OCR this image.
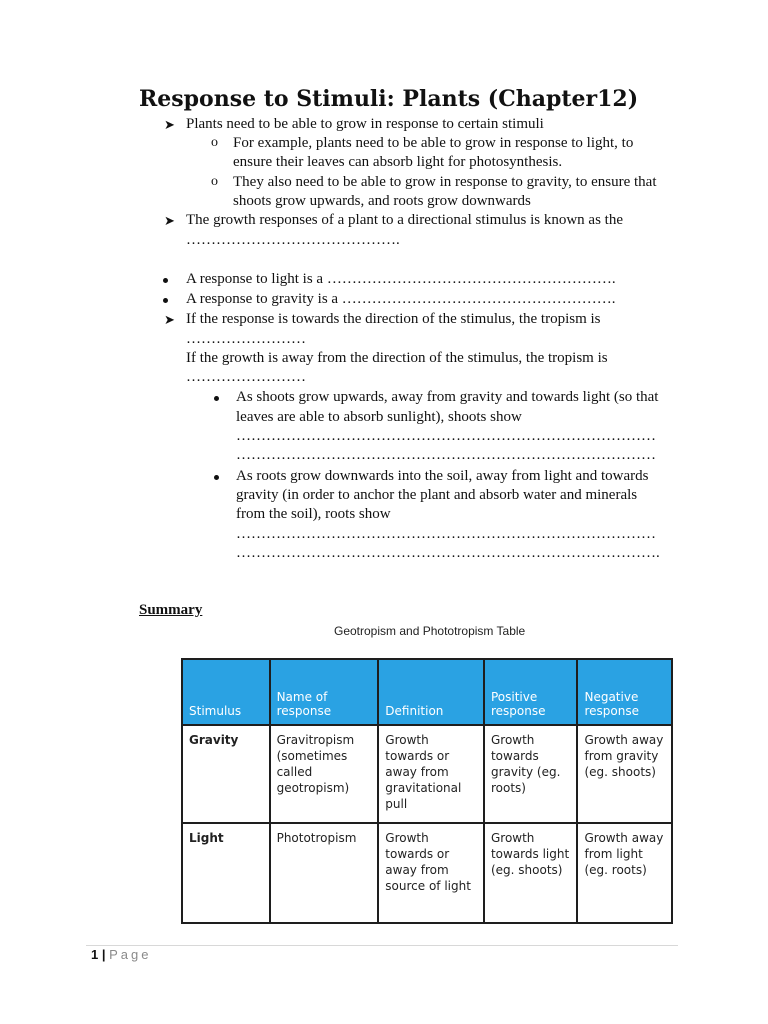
Response to Stimuli: Plants (Chapter12)
➤ Plants need to be able to grow in response to certain stimuli
o For example, plants need to be able to grow in response to light, to
ensure their leaves can absorb light for photosynthesis.
o They also need to be able to grow in response to gravity, to ensure that
shoots grow upwards, and roots grow downwards
➤ The growth responses of a plant to a directional stimulus is known as the
…………………………………….
A response to light is a ………………………………………………….
A response to gravity is a ……………………………………………….
➤ If the response is towards the direction of the stimulus, the tropism is
……………………
If the growth is away from the direction of the stimulus, the tropism is
……………………
As shoots grow upwards, away from gravity and towards light (so that
leaves are able to absorb sunlight), shoots show
…………………………………………………………………………
…………………………………………………………………………
As roots grow downwards into the soil, away from light and towards
gravity (in order to anchor the plant and absorb water and minerals
from the soil), roots show
…………………………………………………………………………
………………………………………………………………………….
Summary
Geotropism and Phototropism Table
Stimulus	Name of response	Definition	Positive response	Negative response
Gravity	Gravitropism (sometimes called geotropism)	Growth towards or away from gravitational pull	Growth towards gravity (eg. roots)	Growth away from gravity (eg. shoots)
Light	Phototropism	Growth towards or away from source of light	Growth towards light (eg. shoots)	Growth away from light (eg. roots)
1 | Page
